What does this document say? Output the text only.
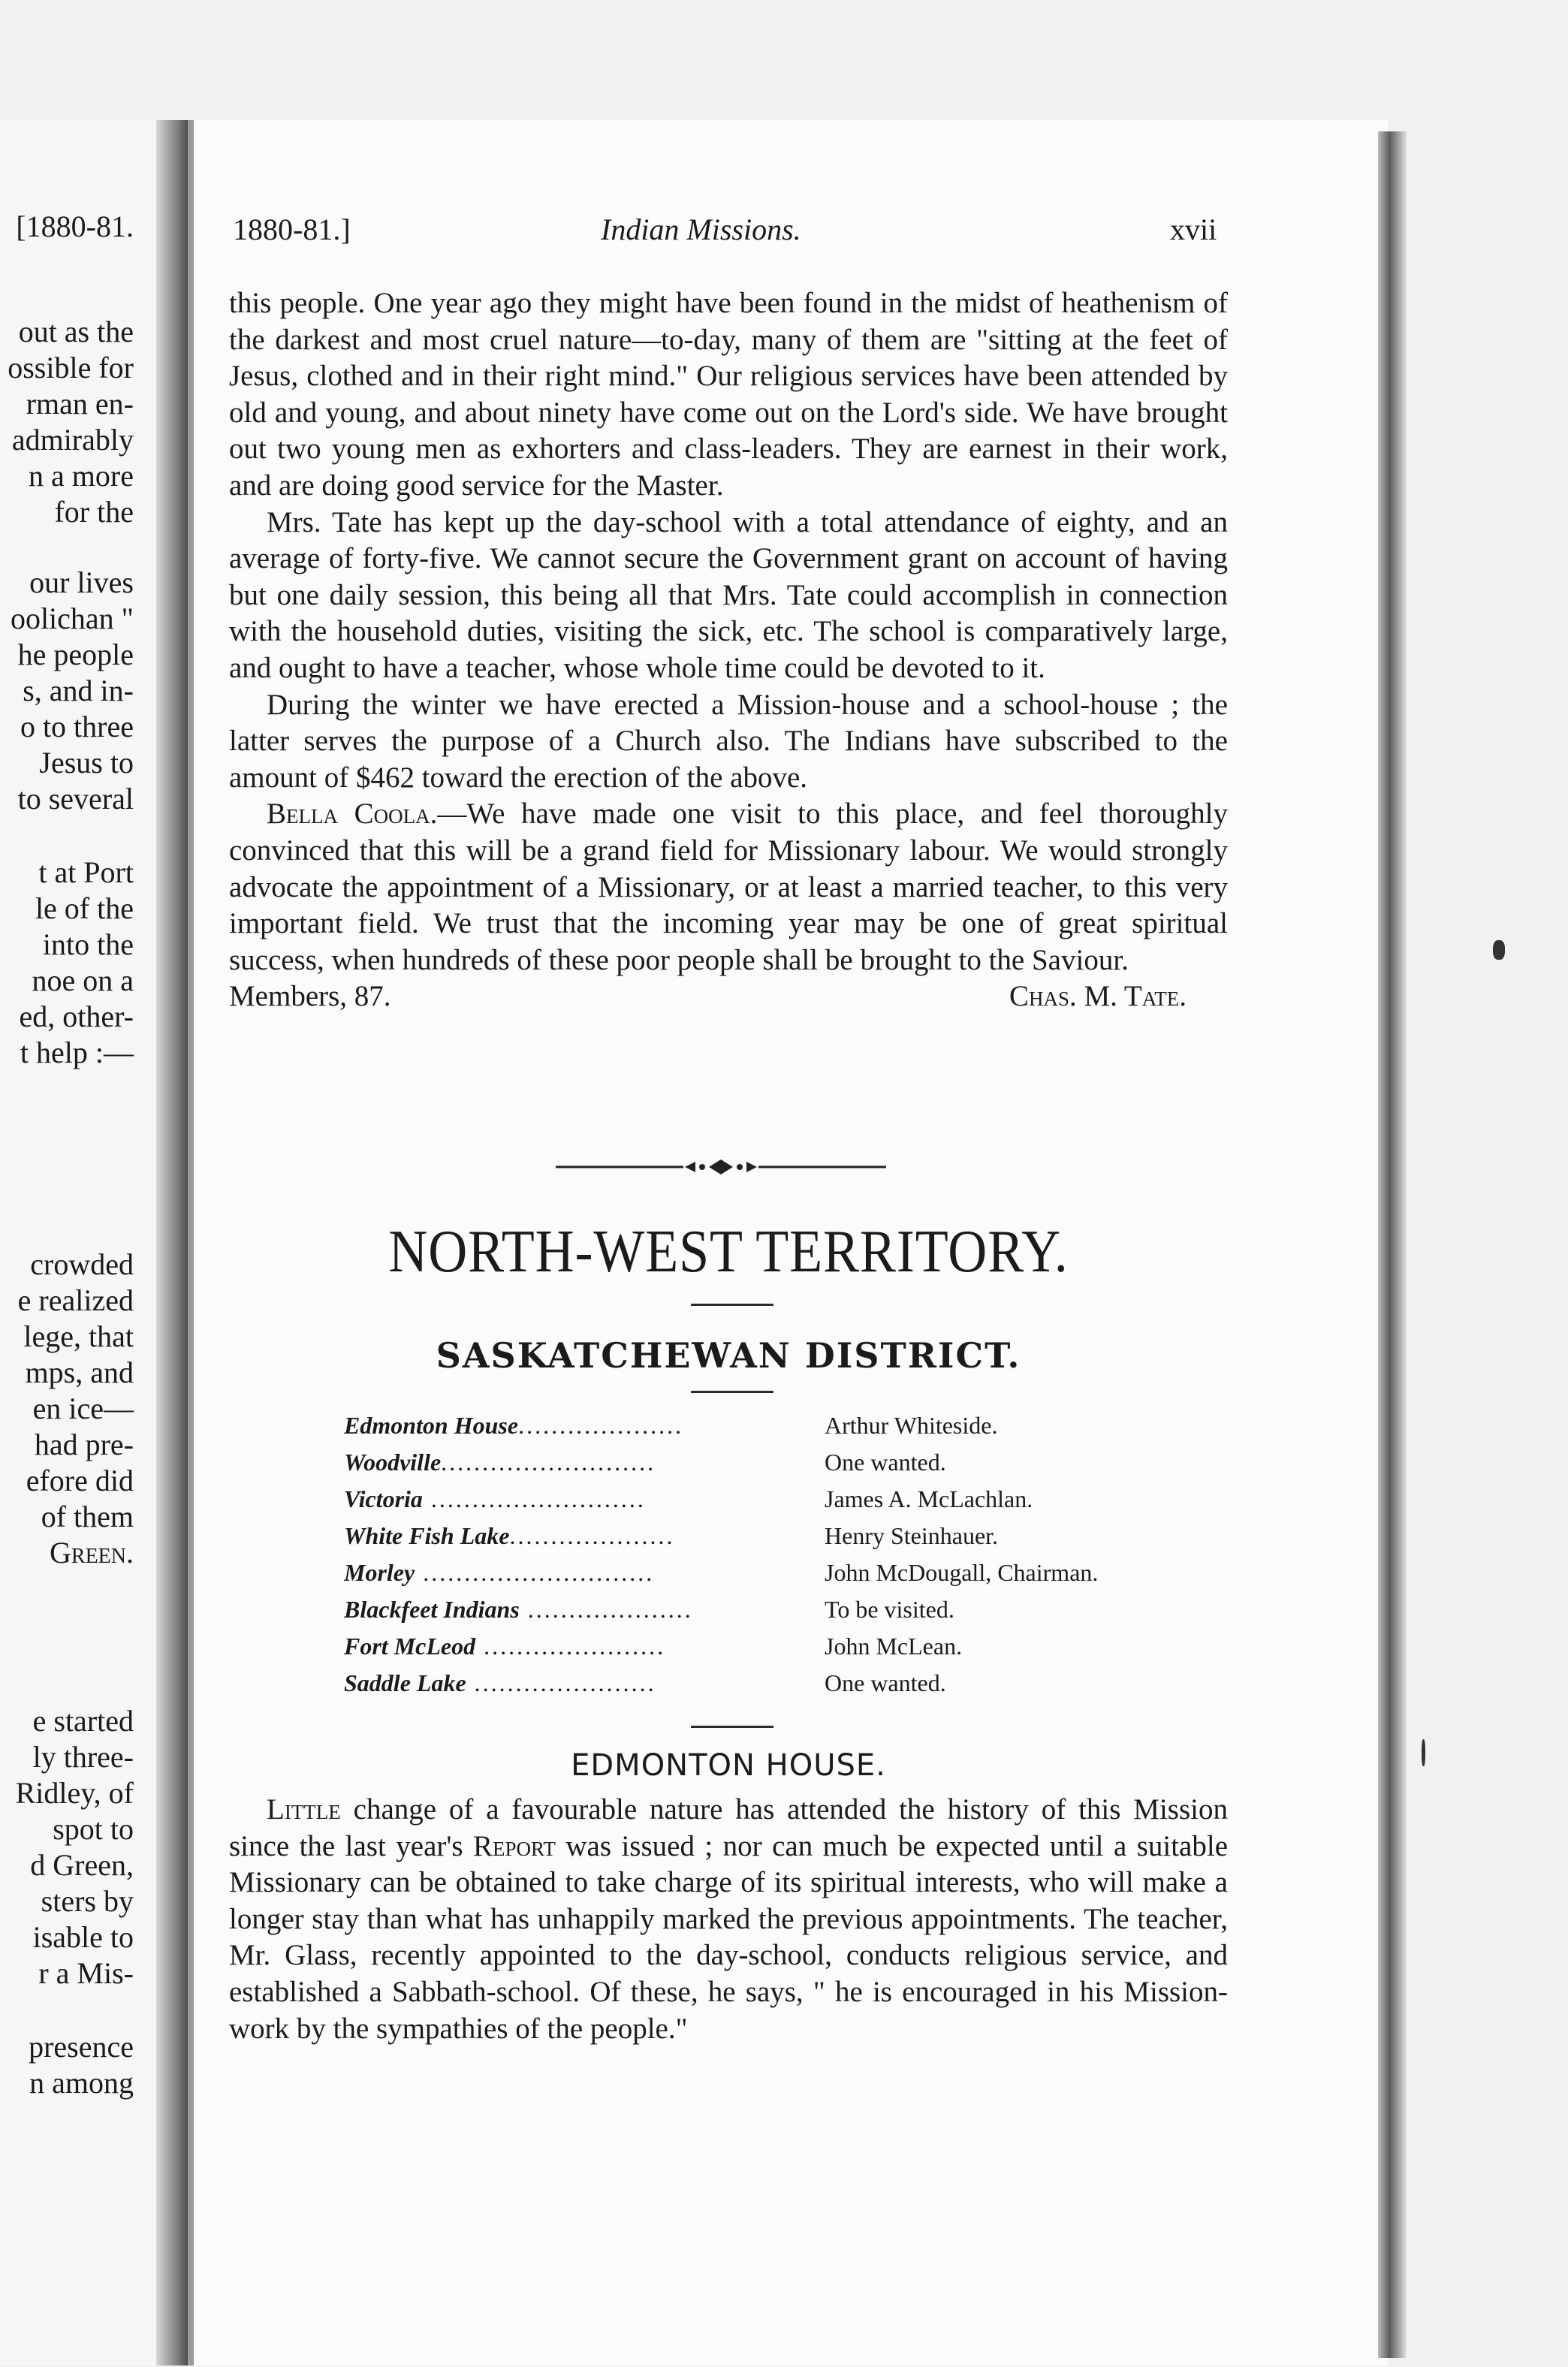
[1880-81.
out as the
ossible for
rman en-
admirably
n a more
for the
our lives
oolichan "
he people
s, and in-
o to three
Jesus to
to several
t at Port
le of the
into the
noe on a
ed, other-
t help :—
crowded
e realized
lege, that
mps, and
en ice—
had pre-
efore did
of them
Green.
e started
ly three-
Ridley, of
spot to
d Green,
sters by
isable to
r a Mis-
presence
n among
1880-81.]	Indian Missions.	xvii

this people. One year ago they might have been found in the midst of heathenism of the darkest and most cruel nature—to-day, many of them are "sitting at the feet of Jesus, clothed and in their right mind." Our religious services have been attended by old and young, and about ninety have come out on the Lord's side. We have brought out two young men as exhorters and class-leaders. They are earnest in their work, and are doing good service for the Master.

Mrs. Tate has kept up the day-school with a total attendance of eighty, and an average of forty-five. We cannot secure the Government grant on account of having but one daily session, this being all that Mrs. Tate could accomplish in connection with the household duties, visiting the sick, etc. The school is comparatively large, and ought to have a teacher, whose whole time could be devoted to it.

During the winter we have erected a Mission-house and a school-house ; the latter serves the purpose of a Church also. The Indians have subscribed to the amount of $462 toward the erection of the above.

Bella Coola.—We have made one visit to this place, and feel thoroughly convinced that this will be a grand field for Missionary labour. We would strongly advocate the appointment of a Missionary, or at least a married teacher, to this very important field. We trust that the incoming year may be one of great spiritual success, when hundreds of these poor people shall be brought to the Saviour.

Members, 87.	Chas. M. Tate.
NORTH-WEST TERRITORY.
SASKATCHEWAN DISTRICT.
Edmonton House....................	Arthur Whiteside.
Woodville..........................	One wanted.
Victoria ..........................	James A. McLachlan.
White Fish Lake....................	Henry Steinhauer.
Morley ............................	John McDougall, Chairman.
Blackfeet Indians ....................	To be visited.
Fort McLeod ......................	John McLean.
Saddle Lake ......................	One wanted.
EDMONTON HOUSE.

Little change of a favourable nature has attended the history of this Mission since the last year's Report was issued ; nor can much be expected until a suitable Missionary can be obtained to take charge of its spiritual interests, who will make a longer stay than what has unhappily marked the previous appointments. The teacher, Mr. Glass, recently appointed to the day-school, conducts religious service, and established a Sabbath-school. Of these, he says, " he is encouraged in his Mission-work by the sympathies of the people."
